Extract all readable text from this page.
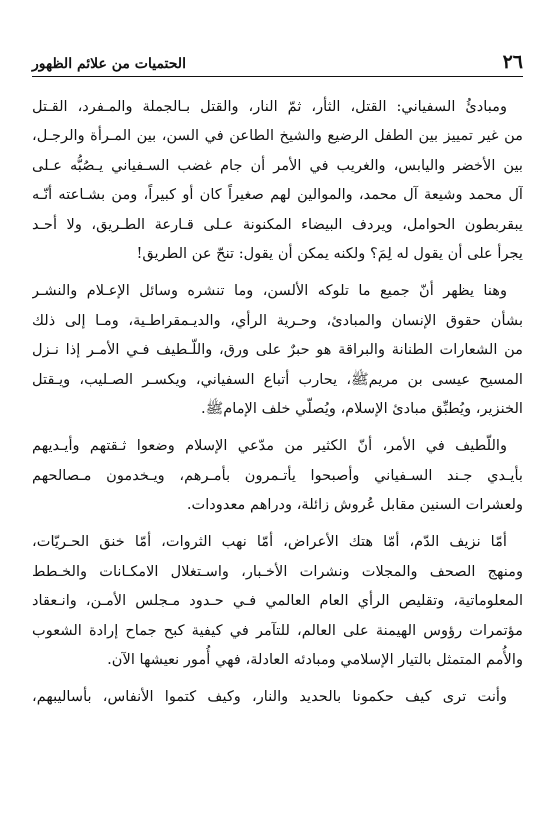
٢٦
الحتميات من علائم الظهور
ومبادئُ السفياني: القتل، الثأر، ثمّ النار، والقتل بـالجملة والمـفرد، القـتل
من غير تمييز بين الطفل الرضيع والشيخ الطاعن في السن، بين المـرأة والرجـل،
بين الأخضر واليابس، والغريب في الأمر أن جام غضب السـفياني يـصُبُّه عـلى
آل محمد وشيعة آل محمد، والموالين لهم صغيراً كان أو كبيراً، ومن بشـاعته أنّـه
يبقربطون الحوامل، ويردف البيضاء المكنونة عـلى قـارعة الطـريق، ولا أحـد
يجرأ على أن يقول له لِمَ؟ ولكنه يمكن أن يقول: تنحّ عن الطريق!
وهنا يظهر أنّ جميع ما تلوكه الألسن، وما تنشره وسائل الإعـلام والنشـر
بشأن حقوق الإنسان والمبادئ، وحـرية الرأي، والديـمقراطـية، ومـا إلى ذلك
من الشعارات الطنانة والبراقة هو حبرٌ على ورق، واللّـطيف فـي الأمـر إذا نـزل
المسيح عيسى بن مريمﷺ، يحارب أتباع السفياني، ويكسـر الصـليب، ويـقتل
الخنزير، ويُطبِّق مبادئ الإسلام، ويُصلّي خلف الإمامﷺ.
واللّطيف في الأمر، أنّ الكثير من مدّعي الإسلام وضعوا ثـقتهم وأيـديهم
بأيـدي جـند السـفياني وأصبحوا يأتـمرون بأمـرهم، ويـخدمون مـصالحهم
ولعشرات السنين مقابل عُروش زائلة، ودراهم معدودات.
أمّا نزيف الدّم، أمّا هتك الأعراض، أمّا نهب الثروات، أمّا خنق الحـريّات،
ومنهج الصحف والمجلات ونشرات الأخـبار، واسـتغلال الامكـانات والخـطط
المعلوماتية، وتقليص الرأي العام العالمي فـي حـدود مـجلس الأمـن، وانـعقاد
مؤتمرات رؤوس الهيمنة على العالم، للتآمر في كيفية كبح جماح إرادة الشعوب
والأُمم المتمثل بالتيار الإسلامي ومبادئه العادلة، فهي أُمور نعيشها الآن.
وأنت ترى كيف حكمونا بالحديد والنار، وكيف كتموا الأنفاس، بأساليبهم،
